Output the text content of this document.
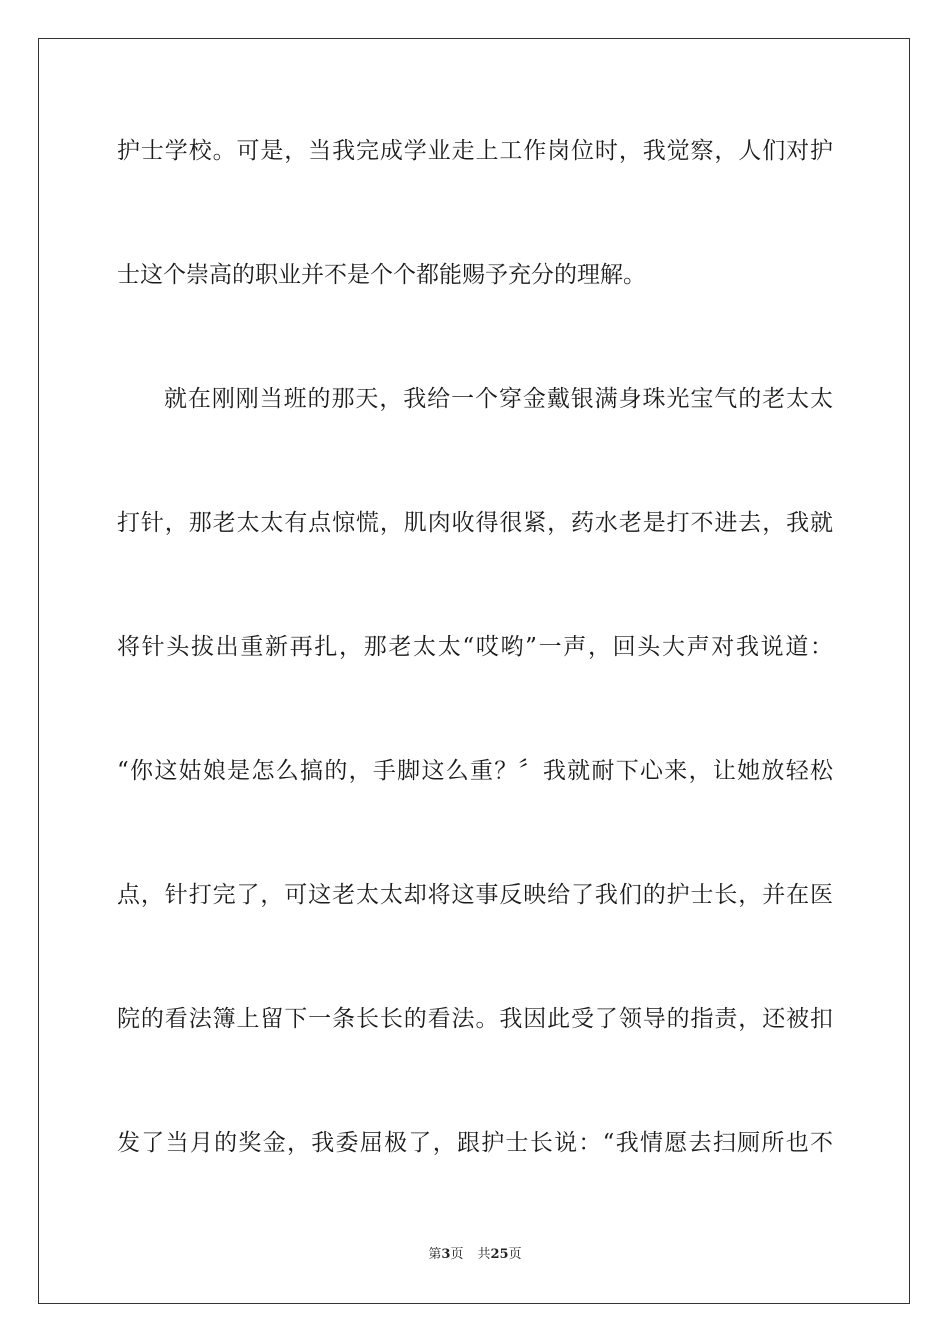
护士学校。可是，当我完成学业走上工作岗位时，我觉察，人们对护
士这个崇高的职业并不是个个都能赐予充分的理解。
就在刚刚当班的那天，我给一个穿金戴银满身珠光宝气的老太太
打针，那老太太有点惊慌，肌肉收得很紧，药水老是打不进去，我就
将针头拔出重新再扎，那老太太“哎哟”一声，回头大声对我说道：
“你这姑娘是怎么搞的，手脚这么重？〞我就耐下心来，让她放轻松
点，针打完了，可这老太太却将这事反映给了我们的护士长，并在医
院的看法簿上留下一条长长的看法。我因此受了领导的指责，还被扣
发了当月的奖金，我委屈极了，跟护士长说：“我情愿去扫厕所也不
第3页 共25页
